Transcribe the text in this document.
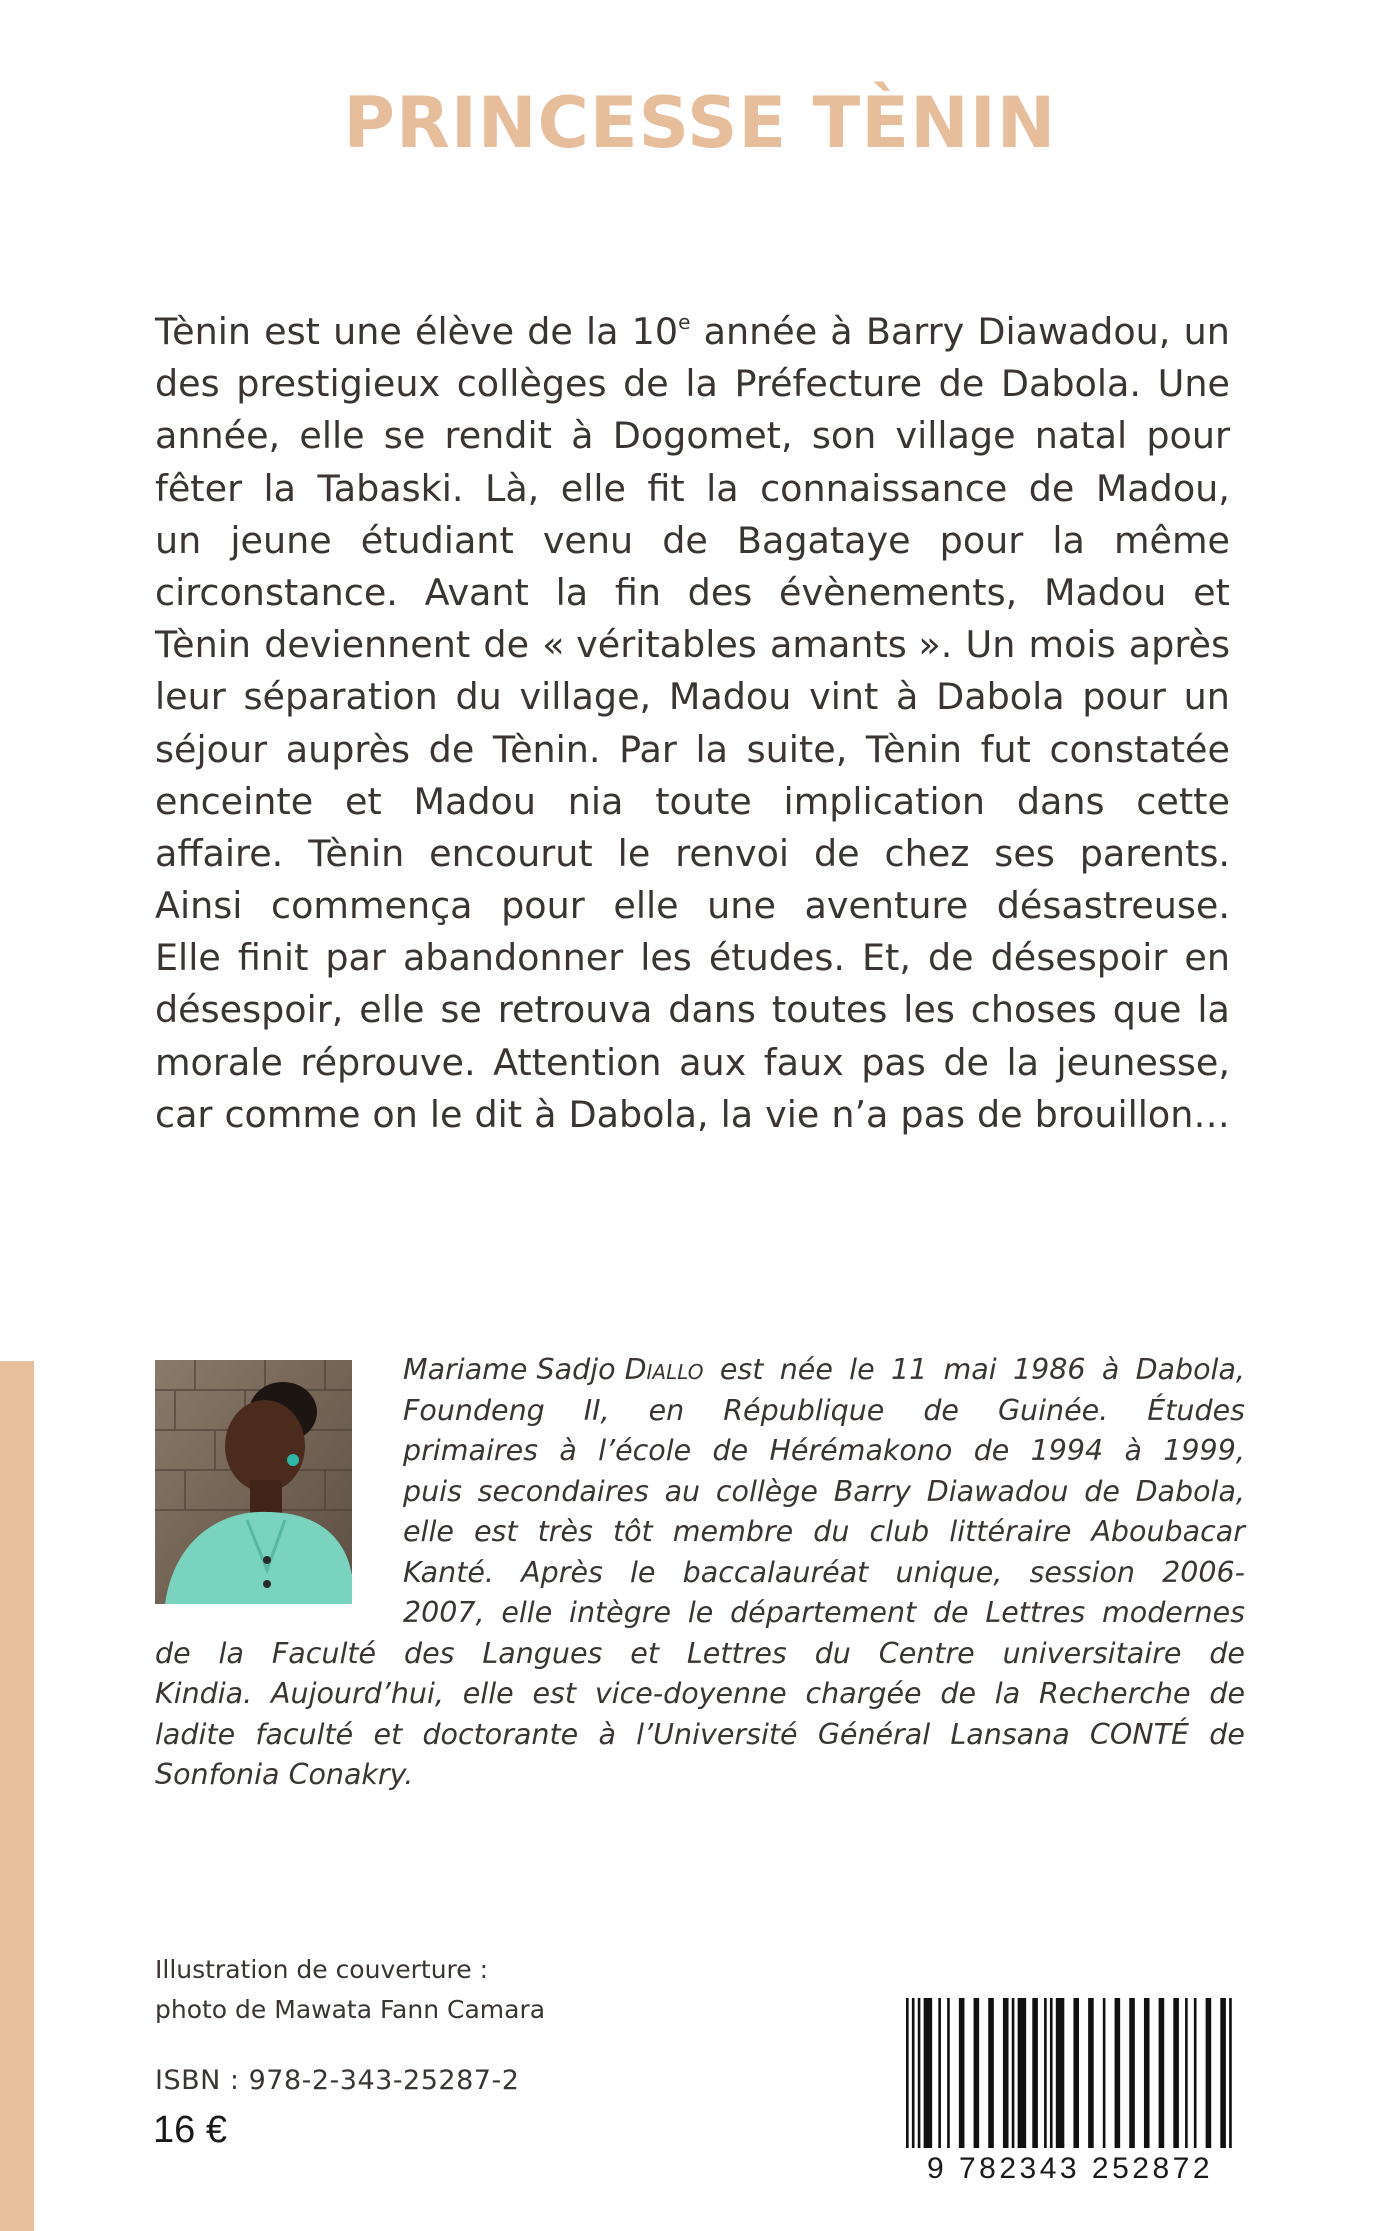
PRINCESSE TÈNIN
Tènin est une élève de la 10e année à Barry Diawadou, un
des prestigieux collèges de la Préfecture de Dabola. Une
année, elle se rendit à Dogomet, son village natal pour
fêter la Tabaski. Là, elle fit la connaissance de Madou,
un jeune étudiant venu de Bagataye pour la même
circonstance. Avant la fin des évènements, Madou et
Tènin deviennent de « véritables amants ». Un mois après
leur séparation du village, Madou vint à Dabola pour un
séjour auprès de Tènin. Par la suite, Tènin fut constatée
enceinte et Madou nia toute implication dans cette
affaire. Tènin encourut le renvoi de chez ses parents.
Ainsi commença pour elle une aventure désastreuse.
Elle finit par abandonner les études. Et, de désespoir en
désespoir, elle se retrouva dans toutes les choses que la
morale réprouve. Attention aux faux pas de la jeunesse,
car comme on le dit à Dabola, la vie n’a pas de brouillon…
Mariame Sadjo Diallo est née le 11 mai 1986 à Dabola,
Foundeng II, en République de Guinée. Études
primaires à l’école de Hérémakono de 1994 à 1999,
puis secondaires au collège Barry Diawadou de Dabola,
elle est très tôt membre du club littéraire Aboubacar
Kanté. Après le baccalauréat unique, session 2006-
2007, elle intègre le département de Lettres modernes
de la Faculté des Langues et Lettres du Centre universitaire de
Kindia. Aujourd’hui, elle est vice-doyenne chargée de la Recherche de
ladite faculté et doctorante à l’Université Général Lansana CONTÉ de
Sonfonia Conakry.
Illustration de couverture :
photo de Mawata Fann Camara
ISBN : 978-2-343-25287-2
16 €
9 782343 252872
